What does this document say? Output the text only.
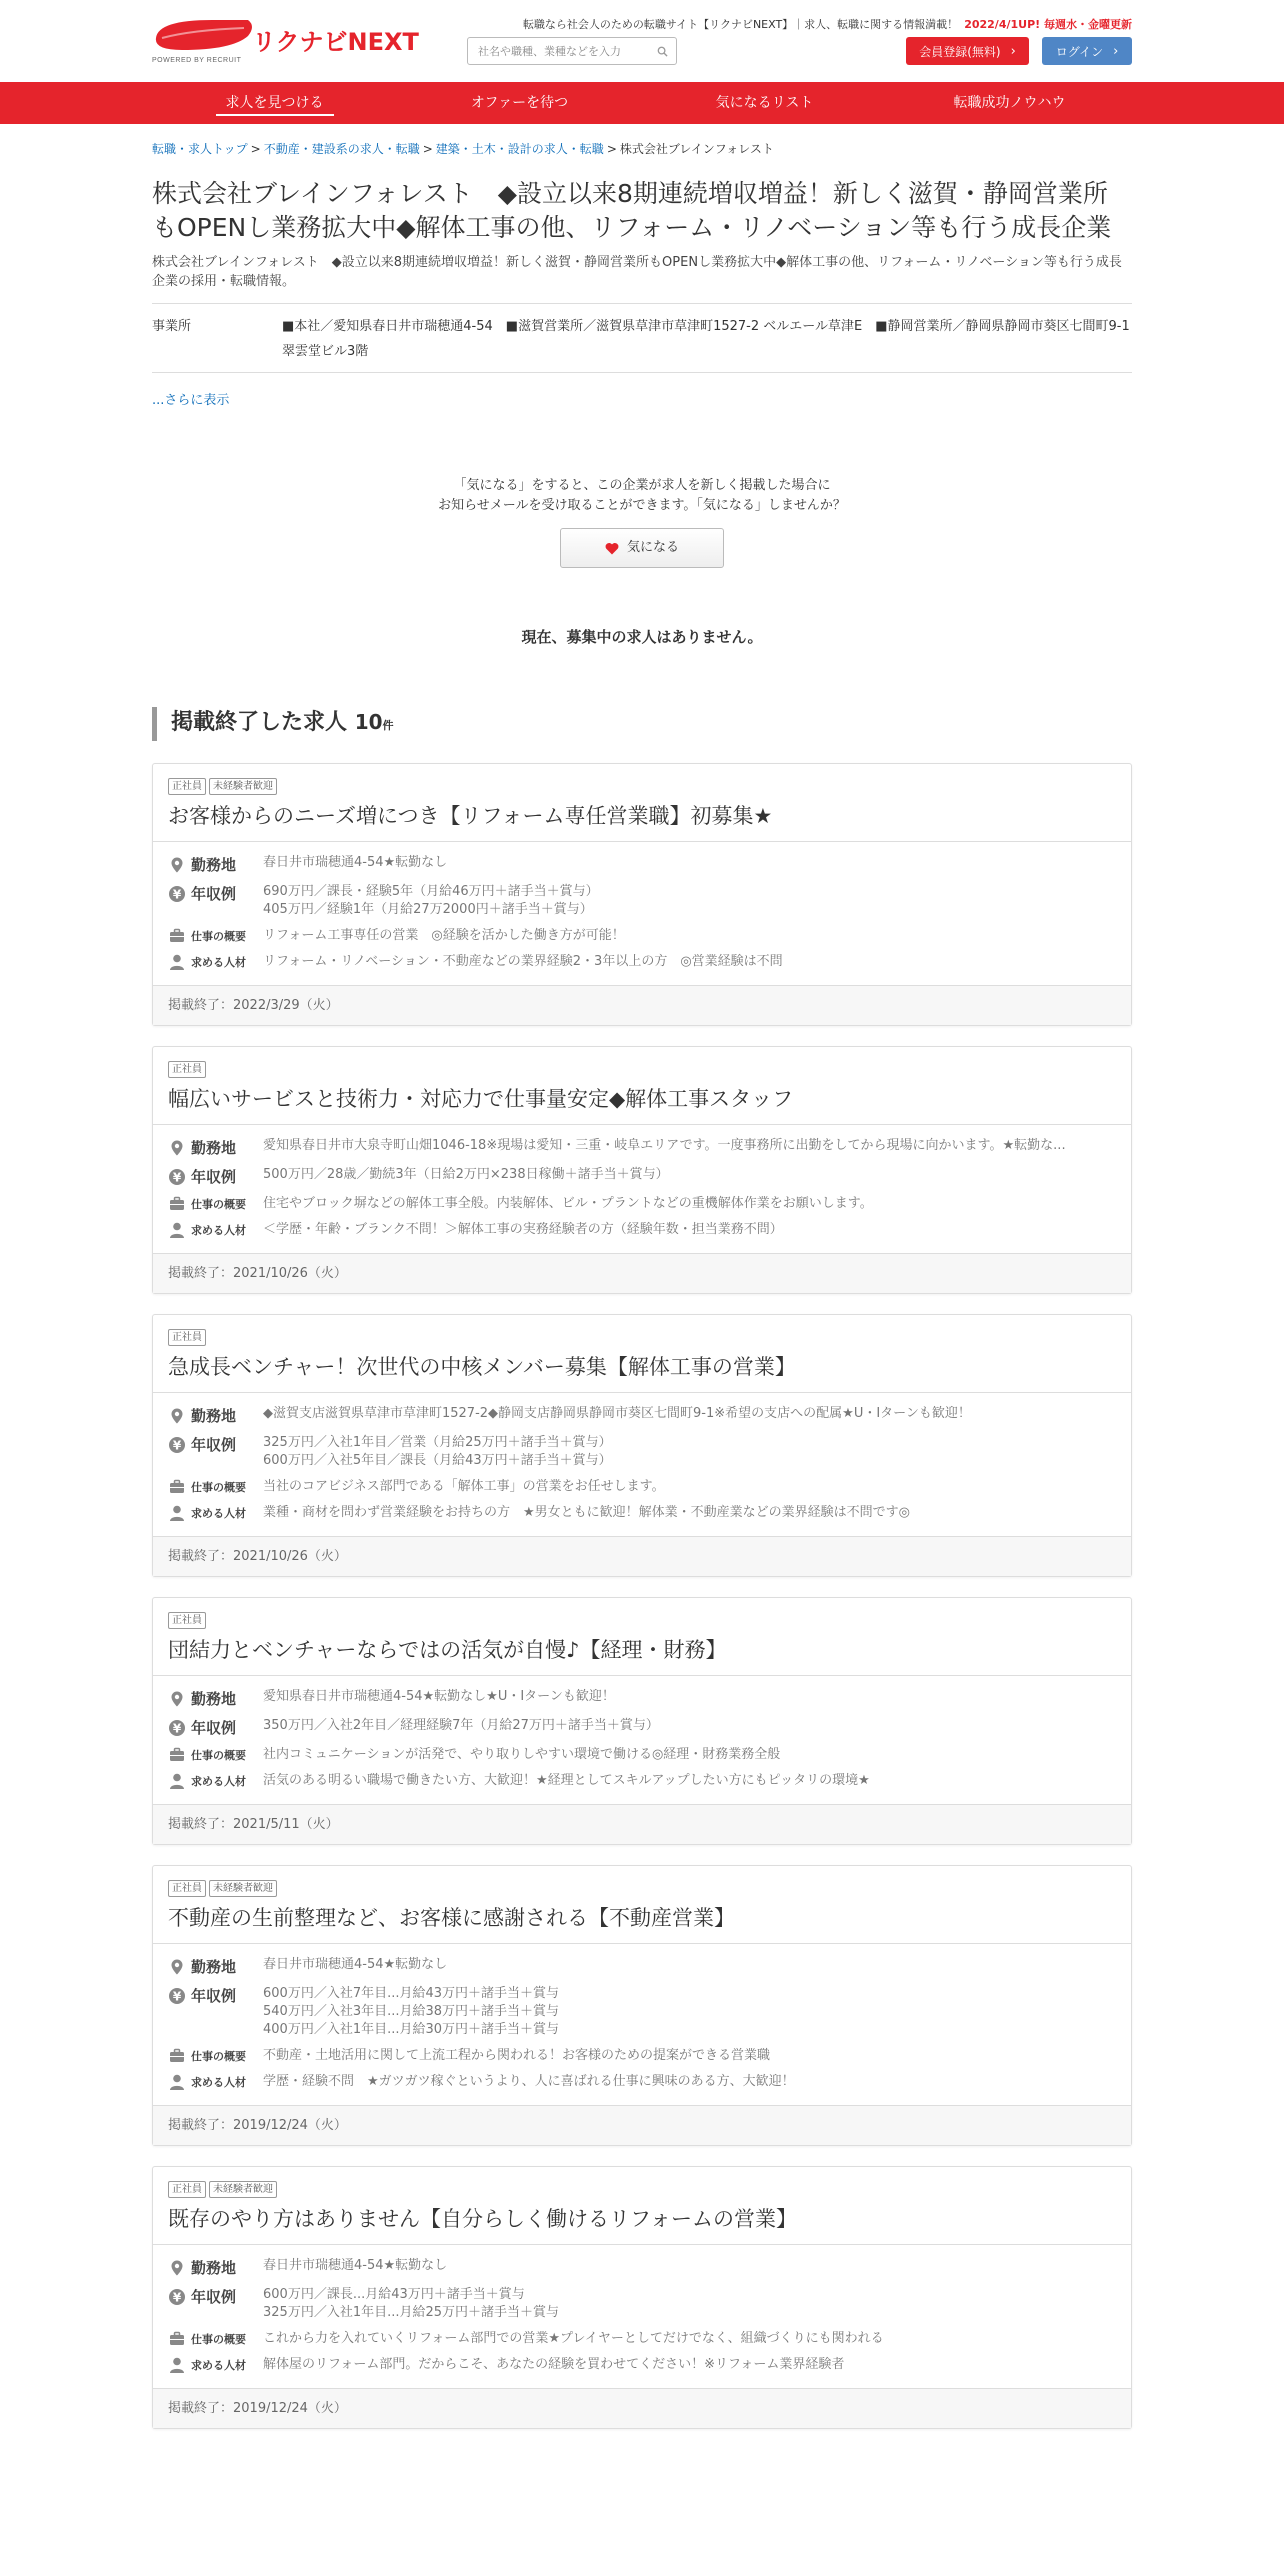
リクナビNEXT
POWERED BY RECRUIT
転職なら社会人のための転職サイト【リクナビNEXT】｜求人、転職に関する情報満載！ 2022/4/1UP! 毎週水・金曜更新
社名や職種、業種などを入力
会員登録(無料) ›	ログイン ›
求人を見つける	オファーを待つ	気になるリスト	転職成功ノウハウ
転職・求人トップ > 不動産・建設系の求人・転職 > 建築・土木・設計の求人・転職 > 株式会社ブレインフォレスト
株式会社ブレインフォレスト　◆設立以来8期連続増収増益！新しく滋賀・静岡営業所もOPENし業務拡大中◆解体工事の他、リフォーム・リノベーション等も行う成長企業

株式会社ブレインフォレスト　◆設立以来8期連続増収増益！新しく滋賀・静岡営業所もOPENし業務拡大中◆解体工事の他、リフォーム・リノベーション等も行う成長企業の採用・転職情報。

事業所	■本社／愛知県春日井市瑞穂通4-54　■滋賀営業所／滋賀県草津市草津町1527-2 ベルエール草津E　■静岡営業所／静岡県静岡市葵区七間町9-1 翠雲堂ビル3階
...さらに表示

「気になる」をすると、この企業が求人を新しく掲載した場合に

お知らせメールを受け取ることができます。「気になる」しませんか？

気になる

現在、募集中の求人はありません。

掲載終了した求人 10件
正社員	未経験者歓迎
お客様からのニーズ増につき【リフォーム専任営業職】初募集★
勤務地 春日井市瑞穂通4-54★転勤なし
¥ 年収例 690万円／課長・経験5年（月給46万円＋諸手当＋賞与）
405万円／経験1年（月給27万2000円＋諸手当＋賞与）
仕事の概要 リフォーム工事専任の営業　◎経験を活かした働き方が可能！
求める人材 リフォーム・リノベーション・不動産などの業界経験2・3年以上の方　◎営業経験は不問
掲載終了：2022/3/29（火）
正社員
幅広いサービスと技術力・対応力で仕事量安定◆解体工事スタッフ
勤務地 愛知県春日井市大泉寺町山畑1046-18※現場は愛知・三重・岐阜エリアです。一度事務所に出勤をしてから現場に向かいます。★転勤な...
¥ 年収例 500万円／28歳／勤続3年（日給2万円×238日稼働＋諸手当＋賞与）
仕事の概要 住宅やブロック塀などの解体工事全般。内装解体、ビル・プラントなどの重機解体作業をお願いします。
求める人材 ＜学歴・年齢・ブランク不問！＞解体工事の実務経験者の方（経験年数・担当業務不問）
掲載終了：2021/10/26（火）
正社員
急成長ベンチャー！次世代の中核メンバー募集【解体工事の営業】
勤務地 ◆滋賀支店滋賀県草津市草津町1527-2◆静岡支店静岡県静岡市葵区七間町9-1※希望の支店への配属★U・Iターンも歓迎！
¥ 年収例 325万円／入社1年目／営業（月給25万円＋諸手当＋賞与）
600万円／入社5年目／課長（月給43万円＋諸手当＋賞与）
仕事の概要 当社のコアビジネス部門である「解体工事」の営業をお任せします。
求める人材 業種・商材を問わず営業経験をお持ちの方　★男女ともに歓迎！解体業・不動産業などの業界経験は不問です◎
掲載終了：2021/10/26（火）
正社員
団結力とベンチャーならではの活気が自慢♪【経理・財務】
勤務地 愛知県春日井市瑞穂通4-54★転勤なし★U・Iターンも歓迎！
¥ 年収例 350万円／入社2年目／経理経験7年（月給27万円＋諸手当＋賞与）
仕事の概要 社内コミュニケーションが活発で、やり取りしやすい環境で働ける◎経理・財務業務全般
求める人材 活気のある明るい職場で働きたい方、大歓迎！★経理としてスキルアップしたい方にもピッタリの環境★
掲載終了：2021/5/11（火）
正社員	未経験者歓迎
不動産の生前整理など、お客様に感謝される【不動産営業】
勤務地 春日井市瑞穂通4-54★転勤なし
¥ 年収例 600万円／入社7年目...月給43万円＋諸手当＋賞与
540万円／入社3年目...月給38万円＋諸手当＋賞与
400万円／入社1年目...月給30万円＋諸手当＋賞与
仕事の概要 不動産・土地活用に関して上流工程から関われる！お客様のための提案ができる営業職
求める人材 学歴・経験不問　★ガツガツ稼ぐというより、人に喜ばれる仕事に興味のある方、大歓迎！
掲載終了：2019/12/24（火）
正社員	未経験者歓迎
既存のやり方はありません【自分らしく働けるリフォームの営業】
勤務地 春日井市瑞穂通4-54★転勤なし
¥ 年収例 600万円／課長...月給43万円＋諸手当＋賞与
325万円／入社1年目...月給25万円＋諸手当＋賞与
仕事の概要 これから力を入れていくリフォーム部門での営業★プレイヤーとしてだけでなく、組織づくりにも関われる
求める人材 解体屋のリフォーム部門。だからこそ、あなたの経験を買わせてください！※リフォーム業界経験者
掲載終了：2019/12/24（火）
